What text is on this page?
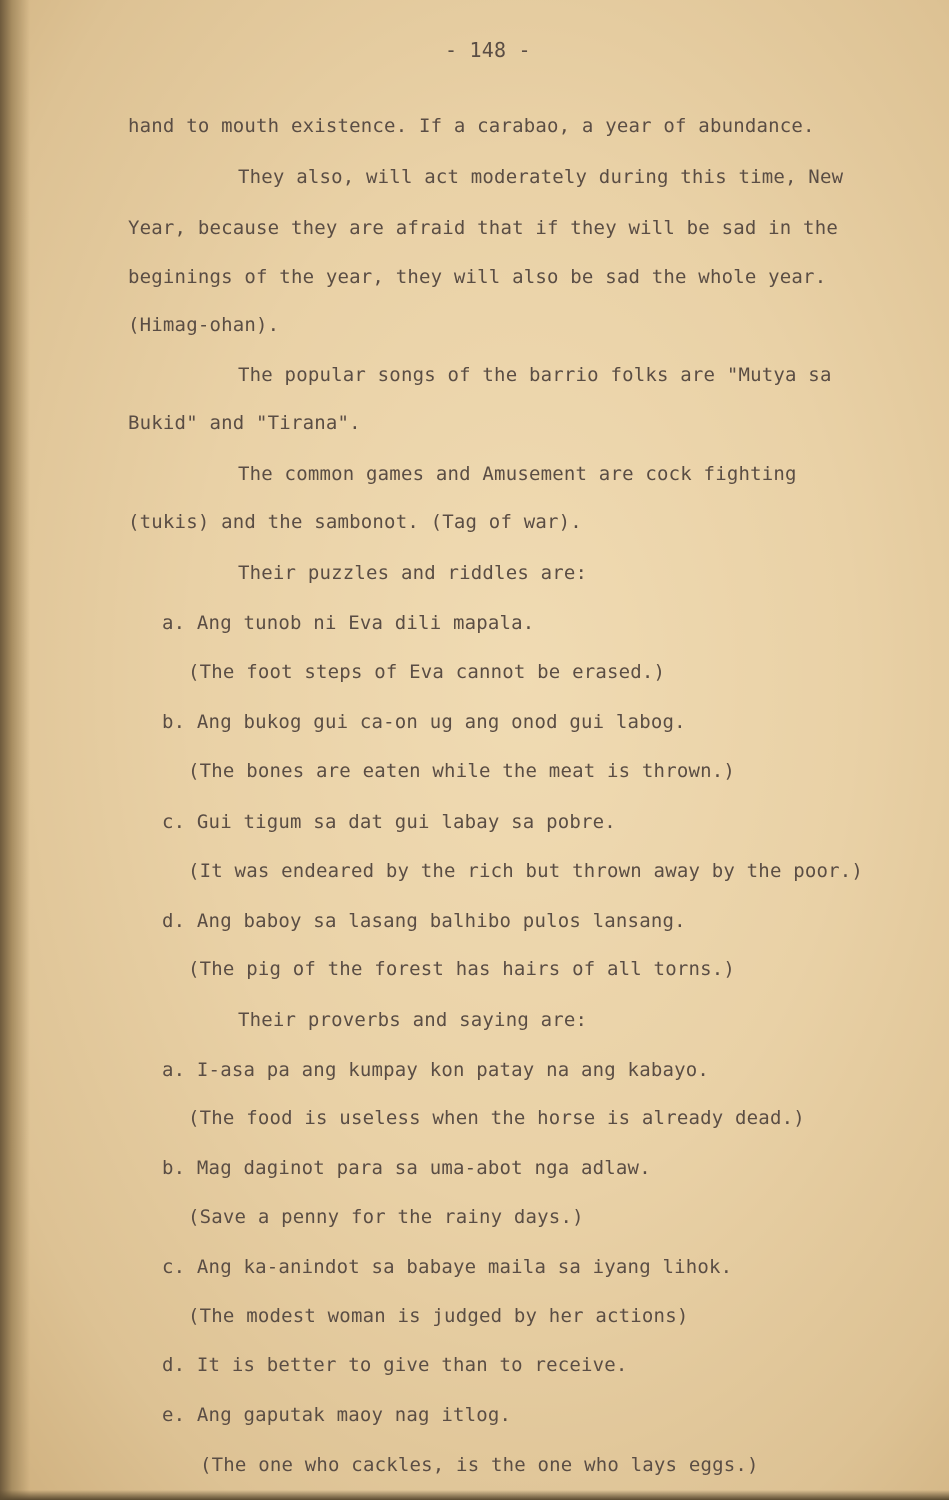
- 148 -
hand to mouth existence. If a carabao, a year of abundance.
They also, will act moderately during this time, New
Year, because they are afraid that if they will be sad in the
beginings of the year, they will also be sad the whole year.
(Himag-ohan).
The popular songs of the barrio folks are "Mutya sa
Bukid" and "Tirana".
The common games and Amusement are cock fighting
(tukis) and the sambonot. (Tag of war).
Their puzzles and riddles are:
a. Ang tunob ni Eva dili mapala.
(The foot steps of Eva cannot be erased.)
b. Ang bukog gui ca-on ug ang onod gui labog.
(The bones are eaten while the meat is thrown.)
c. Gui tigum sa dat gui labay sa pobre.
(It was endeared by the rich but thrown away by the poor.)
d. Ang baboy sa lasang balhibo pulos lansang.
(The pig of the forest has hairs of all torns.)
Their proverbs and saying are:
a. I-asa pa ang kumpay kon patay na ang kabayo.
(The food is useless when the horse is already dead.)
b. Mag daginot para sa uma-abot nga adlaw.
(Save a penny for the rainy days.)
c. Ang ka-anindot sa babaye maila sa iyang lihok.
(The modest woman is judged by her actions)
d. It is better to give than to receive.
e. Ang gaputak maoy nag itlog.
(The one who cackles, is the one who lays eggs.)
